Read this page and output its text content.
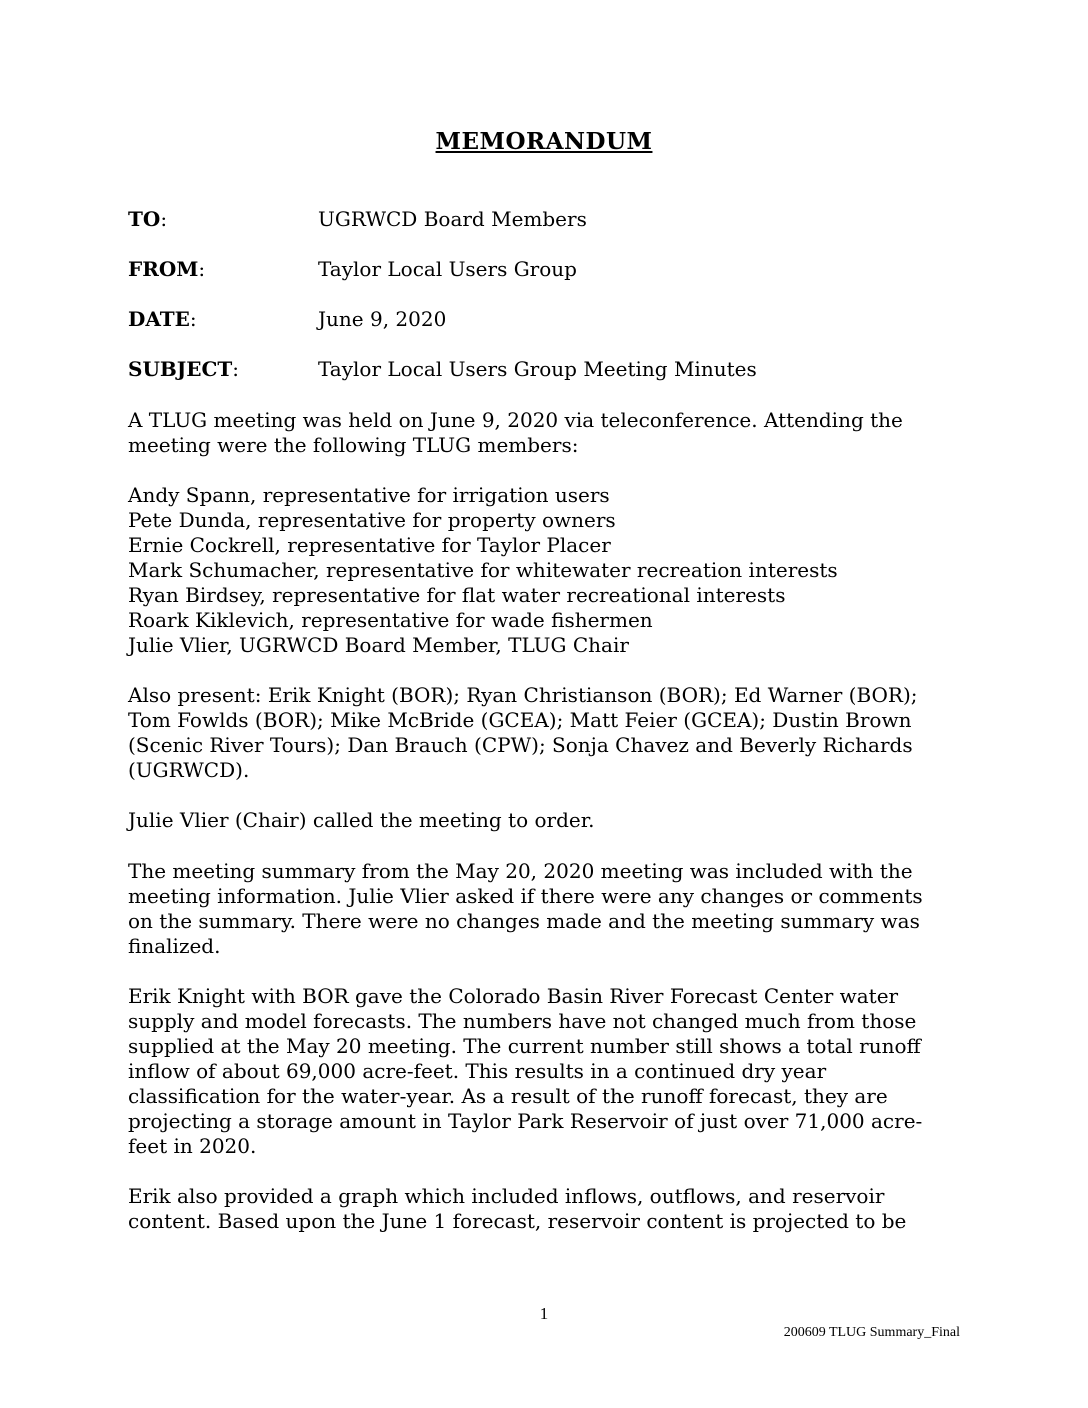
MEMORANDUM
TO:	UGRWCD Board Members
FROM:	Taylor Local Users Group
DATE:	June 9, 2020
SUBJECT:	Taylor Local Users Group Meeting Minutes

A TLUG meeting was held on June 9, 2020 via teleconference. Attending the
meeting were the following TLUG members:

Andy Spann, representative for irrigation users
Pete Dunda, representative for property owners
Ernie Cockrell, representative for Taylor Placer
Mark Schumacher, representative for whitewater recreation interests
Ryan Birdsey, representative for flat water recreational interests
Roark Kiklevich, representative for wade fishermen
Julie Vlier, UGRWCD Board Member, TLUG Chair

Also present: Erik Knight (BOR); Ryan Christianson (BOR); Ed Warner (BOR);
Tom Fowlds (BOR); Mike McBride (GCEA); Matt Feier (GCEA); Dustin Brown
(Scenic River Tours); Dan Brauch (CPW); Sonja Chavez and Beverly Richards
(UGRWCD).

Julie Vlier (Chair) called the meeting to order.

The meeting summary from the May 20, 2020 meeting was included with the
meeting information. Julie Vlier asked if there were any changes or comments
on the summary. There were no changes made and the meeting summary was
finalized.

Erik Knight with BOR gave the Colorado Basin River Forecast Center water
supply and model forecasts. The numbers have not changed much from those
supplied at the May 20 meeting. The current number still shows a total runoff
inflow of about 69,000 acre-feet. This results in a continued dry year
classification for the water-year. As a result of the runoff forecast, they are
projecting a storage amount in Taylor Park Reservoir of just over 71,000 acre-
feet in 2020.

Erik also provided a graph which included inflows, outflows, and reservoir
content. Based upon the June 1 forecast, reservoir content is projected to be

1
200609 TLUG Summary_Final
